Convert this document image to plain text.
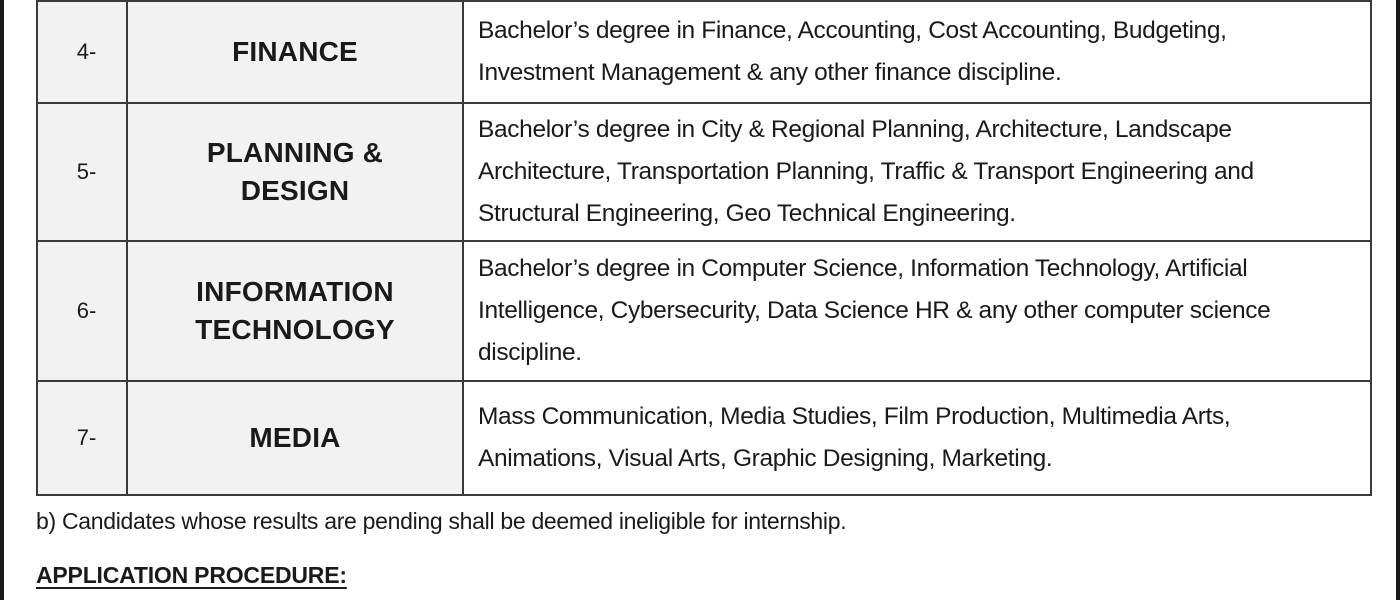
4-	FINANCE	Bachelor’s degree in Finance, Accounting, Cost Accounting, Budgeting,
Investment Management & any other finance discipline.

5-	PLANNING &
DESIGN	Bachelor’s degree in City & Regional Planning, Architecture, Landscape
Architecture, Transportation Planning, Traffic & Transport Engineering and
Structural Engineering, Geo Technical Engineering.

6-	INFORMATION
TECHNOLOGY	Bachelor’s degree in Computer Science, Information Technology, Artificial
Intelligence, Cybersecurity, Data Science HR & any other computer science
discipline.

7-	MEDIA	Mass Communication, Media Studies, Film Production, Multimedia Arts,
Animations, Visual Arts, Graphic Designing, Marketing.
b) Candidates whose results are pending shall be deemed ineligible for internship.
APPLICATION PROCEDURE:
